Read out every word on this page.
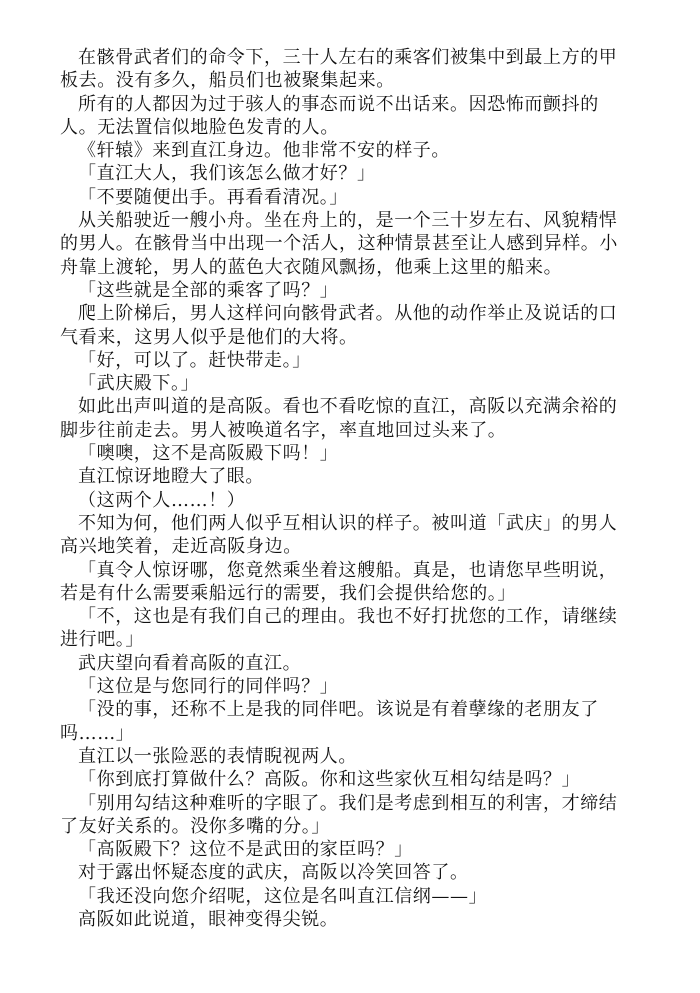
在骸骨武者们的命令下，三十人左右的乘客们被集中到最上方的甲板去。没有多久，船员们也被聚集起来。

所有的人都因为过于骇人的事态而说不出话来。因恐怖而颤抖的人。无法置信似地脸色发青的人。

《轩辕》来到直江身边。他非常不安的样子。

「直江大人，我们该怎么做才好？」

「不要随便出手。再看看清况。」

从关船驶近一艘小舟。坐在舟上的，是一个三十岁左右、风貌精悍的男人。在骸骨当中出现一个活人，这种情景甚至让人感到异样。小舟靠上渡轮，男人的蓝色大衣随风飘扬，他乘上这里的船来。

「这些就是全部的乘客了吗？」

爬上阶梯后，男人这样问向骸骨武者。从他的动作举止及说话的口气看来，这男人似乎是他们的大将。

「好，可以了。赶快带走。」

「武庆殿下。」

如此出声叫道的是高阪。看也不看吃惊的直江，高阪以充满余裕的脚步往前走去。男人被唤道名字，率直地回过头来了。

「噢噢，这不是高阪殿下吗！」

直江惊讶地瞪大了眼。

（这两个人……！）

不知为何，他们两人似乎互相认识的样子。被叫道「武庆」的男人高兴地笑着，走近高阪身边。

「真令人惊讶哪，您竟然乘坐着这艘船。真是，也请您早些明说，若是有什么需要乘船远行的需要，我们会提供给您的。」

「不，这也是有我们自己的理由。我也不好打扰您的工作，请继续进行吧。」

武庆望向看着高阪的直江。

「这位是与您同行的同伴吗？」

「没的事，还称不上是我的同伴吧。该说是有着孽缘的老朋友了吗……」

直江以一张险恶的表情睨视两人。

「你到底打算做什么？高阪。你和这些家伙互相勾结是吗？」

「别用勾结这种难听的字眼了。我们是考虑到相互的利害，才缔结了友好关系的。没你多嘴的分。」

「高阪殿下？这位不是武田的家臣吗？」

对于露出怀疑态度的武庆，高阪以冷笑回答了。

「我还没向您介绍呢，这位是名叫直江信纲——」

高阪如此说道，眼神变得尖锐。
